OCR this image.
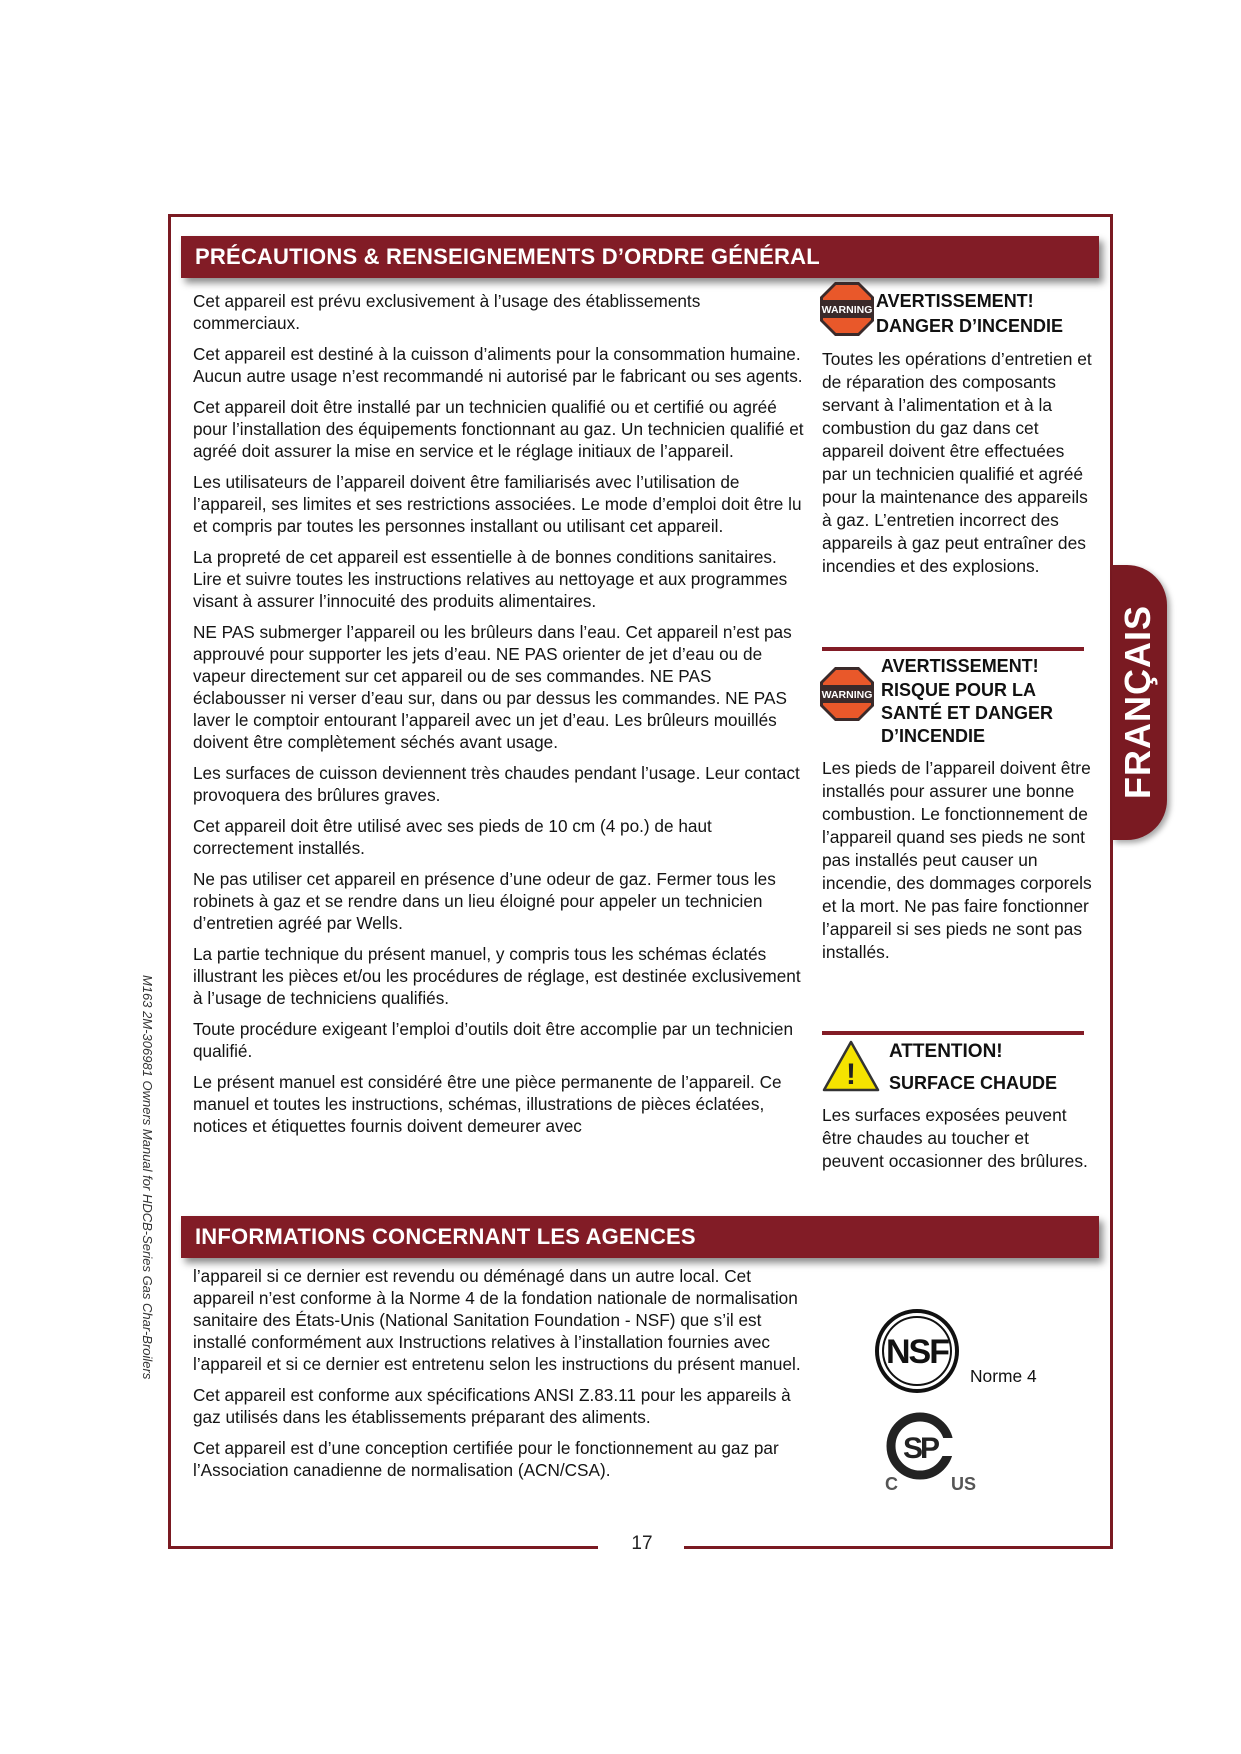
17
PRÉCAUTIONS & RENSEIGNEMENTS D’ORDRE GÉNÉRAL

Cet appareil est prévu exclusivement à l’usage des établissements commerciaux.

Cet appareil est destiné à la cuisson d’aliments pour la consommation humaine. Aucun autre usage n’est recommandé ni autorisé par le fabricant ou ses agents.

Cet appareil doit être installé par un technicien qualifié ou et certifié ou agréé pour l’installation des équipements fonctionnant au gaz. Un technicien qualifié et agréé doit assurer la mise en service et le réglage initiaux de l’appareil.

Les utilisateurs de l’appareil doivent être familiarisés avec l’utilisation de l’appareil, ses limites et ses restrictions associées. Le mode d’emploi doit être lu et compris par toutes les personnes installant ou utilisant cet appareil.

La propreté de cet appareil est essentielle à de bonnes conditions sanitaires. Lire et suivre toutes les instructions relatives au nettoyage et aux programmes visant à assurer l’innocuité des produits alimentaires.

NE PAS submerger l’appareil ou les brûleurs dans l’eau. Cet appareil n’est pas approuvé pour supporter les jets d’eau. NE PAS orienter de jet d’eau ou de vapeur directement sur cet appareil ou de ses commandes. NE PAS éclabousser ni verser d’eau sur, dans ou par dessus les commandes. NE PAS laver le comptoir entourant l’appareil avec un jet d’eau. Les brûleurs mouillés doivent être complètement séchés avant usage.

Les surfaces de cuisson deviennent très chaudes pendant l’usage. Leur contact provoquera des brûlures graves.

Cet appareil doit être utilisé avec ses pieds de 10 cm (4 po.) de haut correctement installés.

Ne pas utiliser cet appareil en présence d’une odeur de gaz. Fermer tous les robinets à gaz et se rendre dans un lieu éloigné pour appeler un technicien d’entretien agréé par Wells.

La partie technique du présent manuel, y compris tous les schémas éclatés illustrant les pièces et/ou les procédures de réglage, est destinée exclusivement à l’usage de techniciens qualifiés.

Toute procédure exigeant l’emploi d’outils doit être accomplie par un technicien qualifié.

Le présent manuel est considéré être une pièce permanente de l’appareil. Ce manuel et toutes les instructions, schémas, illustrations de pièces éclatées, notices et étiquettes fournis doivent demeurer avec

INFORMATIONS CONCERNANT LES AGENCES

l’appareil si ce dernier est revendu ou déménagé dans un autre local. Cet appareil n’est conforme à la Norme 4 de la fondation nationale de normalisation sanitaire des États-Unis (National Sanitation Foundation - NSF) que s’il est installé conformément aux Instructions relatives à l’installation fournies avec l’appareil et si ce dernier est entretenu selon les instructions du présent manuel.

Cet appareil est conforme aux spécifications ANSI Z.83.11 pour les appareils à gaz utilisés dans les établissements préparant des aliments.

Cet appareil est d’une conception certifiée pour le fonctionnement au gaz par l’Association canadienne de normalisation (ACN/CSA).

WARNING AVERTISSEMENT!
DANGER D’INCENDIE
Toutes les opérations d’entretien et de réparation des composants servant à l’alimentation et à la combustion du gaz dans cet appareil doivent être effectuées par un technicien qualifié et agréé pour la maintenance des appareils à gaz. L’entretien incorrect des appareils à gaz peut entraîner des incendies et des explosions.
WARNING
AVERTISSEMENT!
RISQUE POUR LA SANTÉ ET DANGER D’INCENDIE
Les pieds de l’appareil doivent être installés pour assurer une bonne combustion. Le fonctionnement de l’appareil quand ses pieds ne sont pas installés peut causer un incendie, des dommages corporels et la mort. Ne pas faire fonctionner l’appareil si ses pieds ne sont pas installés.
!
ATTENTION!
SURFACE CHAUDE
Les surfaces exposées peuvent être chaudes au toucher et peuvent occasionner des brûlures.
NSF
Norme 4
SP
C	US
FRANÇAIS
M163 2M-306981 Owners Manual for HDCB-Series Gas Char-Broilers
